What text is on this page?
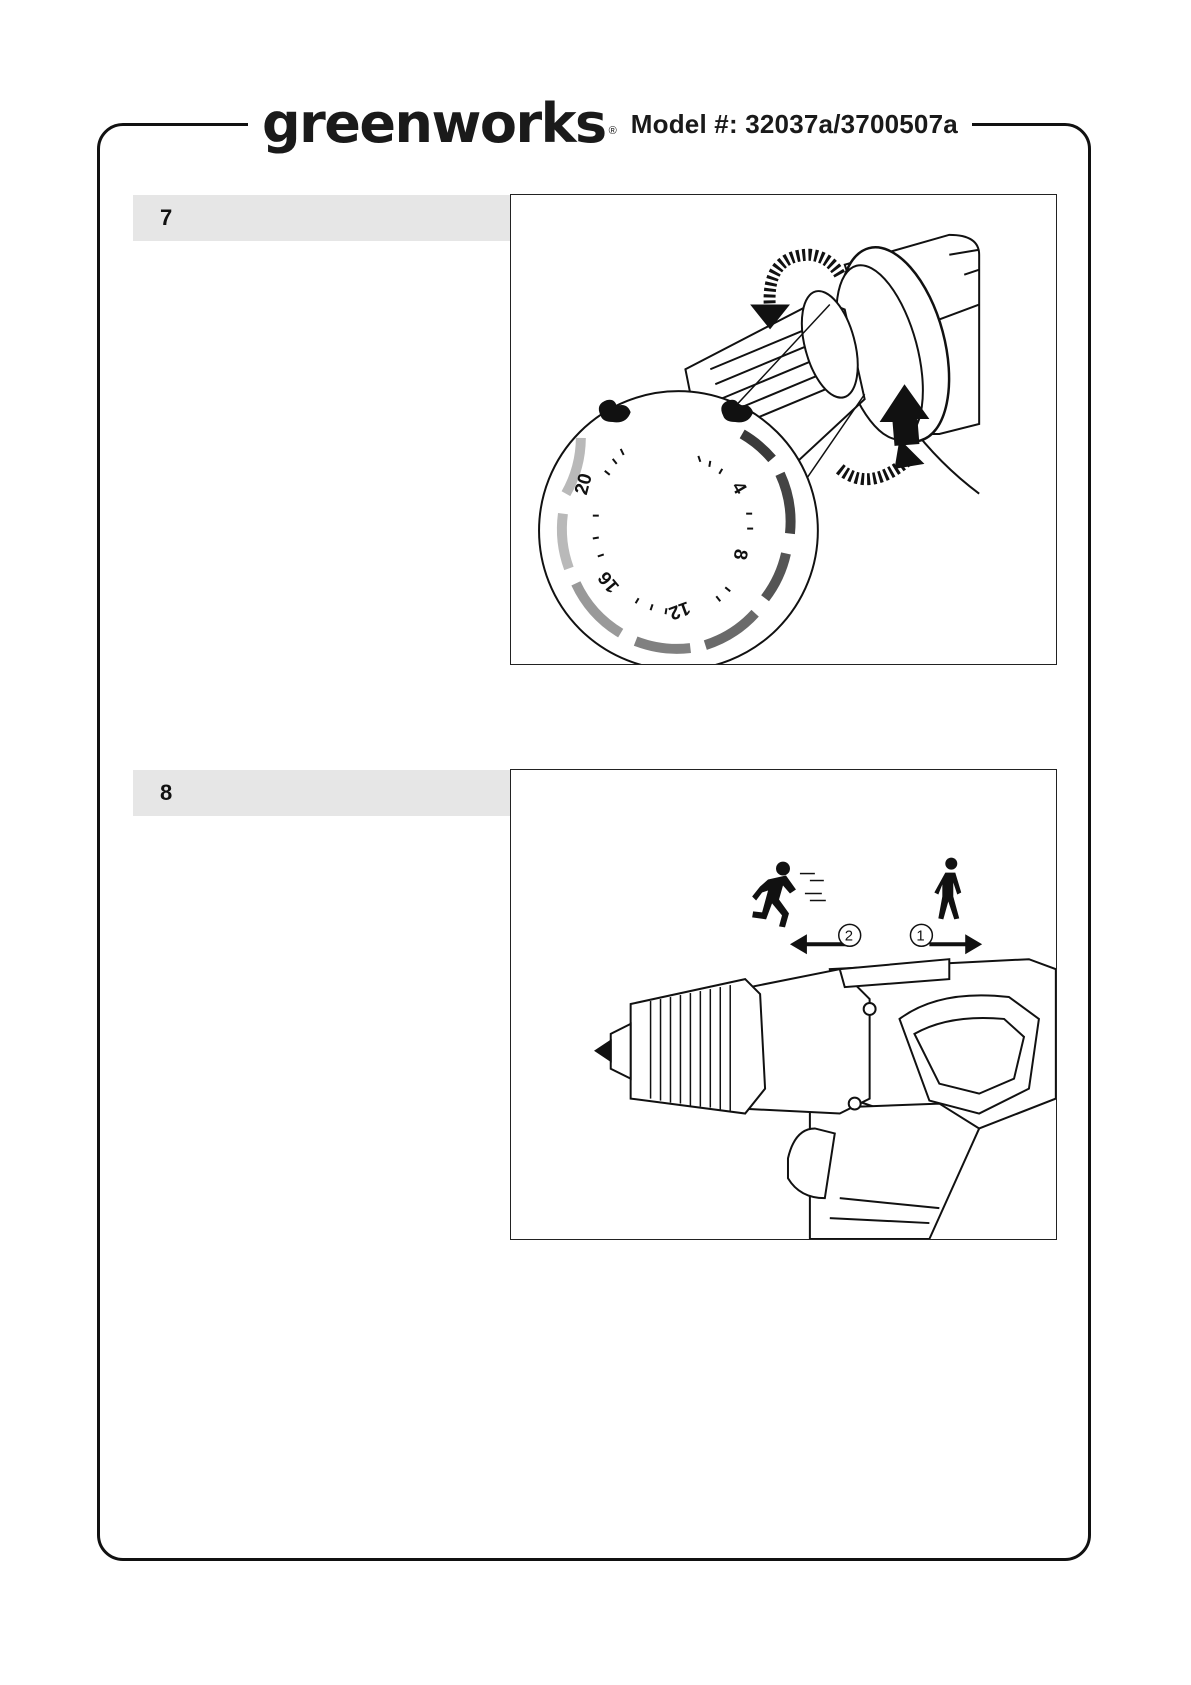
greenworks ® Model #: 32037a/3700507a
7
20	4
8
12
16
8
2	1
